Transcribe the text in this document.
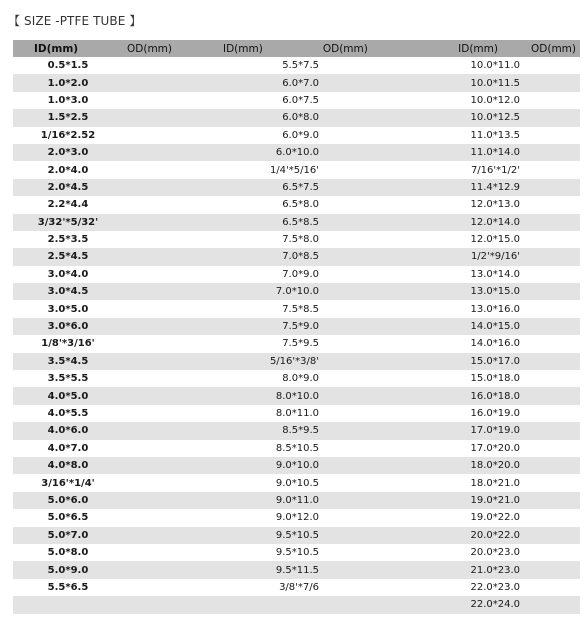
【 SIZE -PTFE TUBE 】
ID(mm)	OD(mm)	ID(mm) OD(mm)	ID(mm)	OD(mm)
0.5*1.5		5.5*7.5	10.0*11.0	
1.0*2.0		6.0*7.0	10.0*11.5	
1.0*3.0		6.0*7.5	10.0*12.0	
1.5*2.5		6.0*8.0	10.0*12.5	
1/16*2.52		6.0*9.0	11.0*13.5	
2.0*3.0		6.0*10.0	11.0*14.0	
2.0*4.0		1/4'*5/16'	7/16'*1/2'	
2.0*4.5		6.5*7.5	11.4*12.9	
2.2*4.4		6.5*8.0	12.0*13.0	
3/32'*5/32'		6.5*8.5	12.0*14.0	
2.5*3.5		7.5*8.0	12.0*15.0	
2.5*4.5		7.0*8.5	1/2'*9/16'	
3.0*4.0		7.0*9.0	13.0*14.0	
3.0*4.5		7.0*10.0	13.0*15.0	
3.0*5.0		7.5*8.5	13.0*16.0	
3.0*6.0		7.5*9.0	14.0*15.0	
1/8'*3/16'		7.5*9.5	14.0*16.0	
3.5*4.5		5/16'*3/8'	15.0*17.0	
3.5*5.5		8.0*9.0	15.0*18.0	
4.0*5.0		8.0*10.0	16.0*18.0	
4.0*5.5		8.0*11.0	16.0*19.0	
4.0*6.0		8.5*9.5	17.0*19.0	
4.0*7.0		8.5*10.5	17.0*20.0	
4.0*8.0		9.0*10.0	18.0*20.0	
3/16'*1/4'		9.0*10.5	18.0*21.0	
5.0*6.0		9.0*11.0	19.0*21.0	
5.0*6.5		9.0*12.0	19.0*22.0	
5.0*7.0		9.5*10.5	20.0*22.0	
5.0*8.0		9.5*10.5	20.0*23.0	
5.0*9.0		9.5*11.5	21.0*23.0	
5.5*6.5		3/8'*7/6	22.0*23.0	
			22.0*24.0	
